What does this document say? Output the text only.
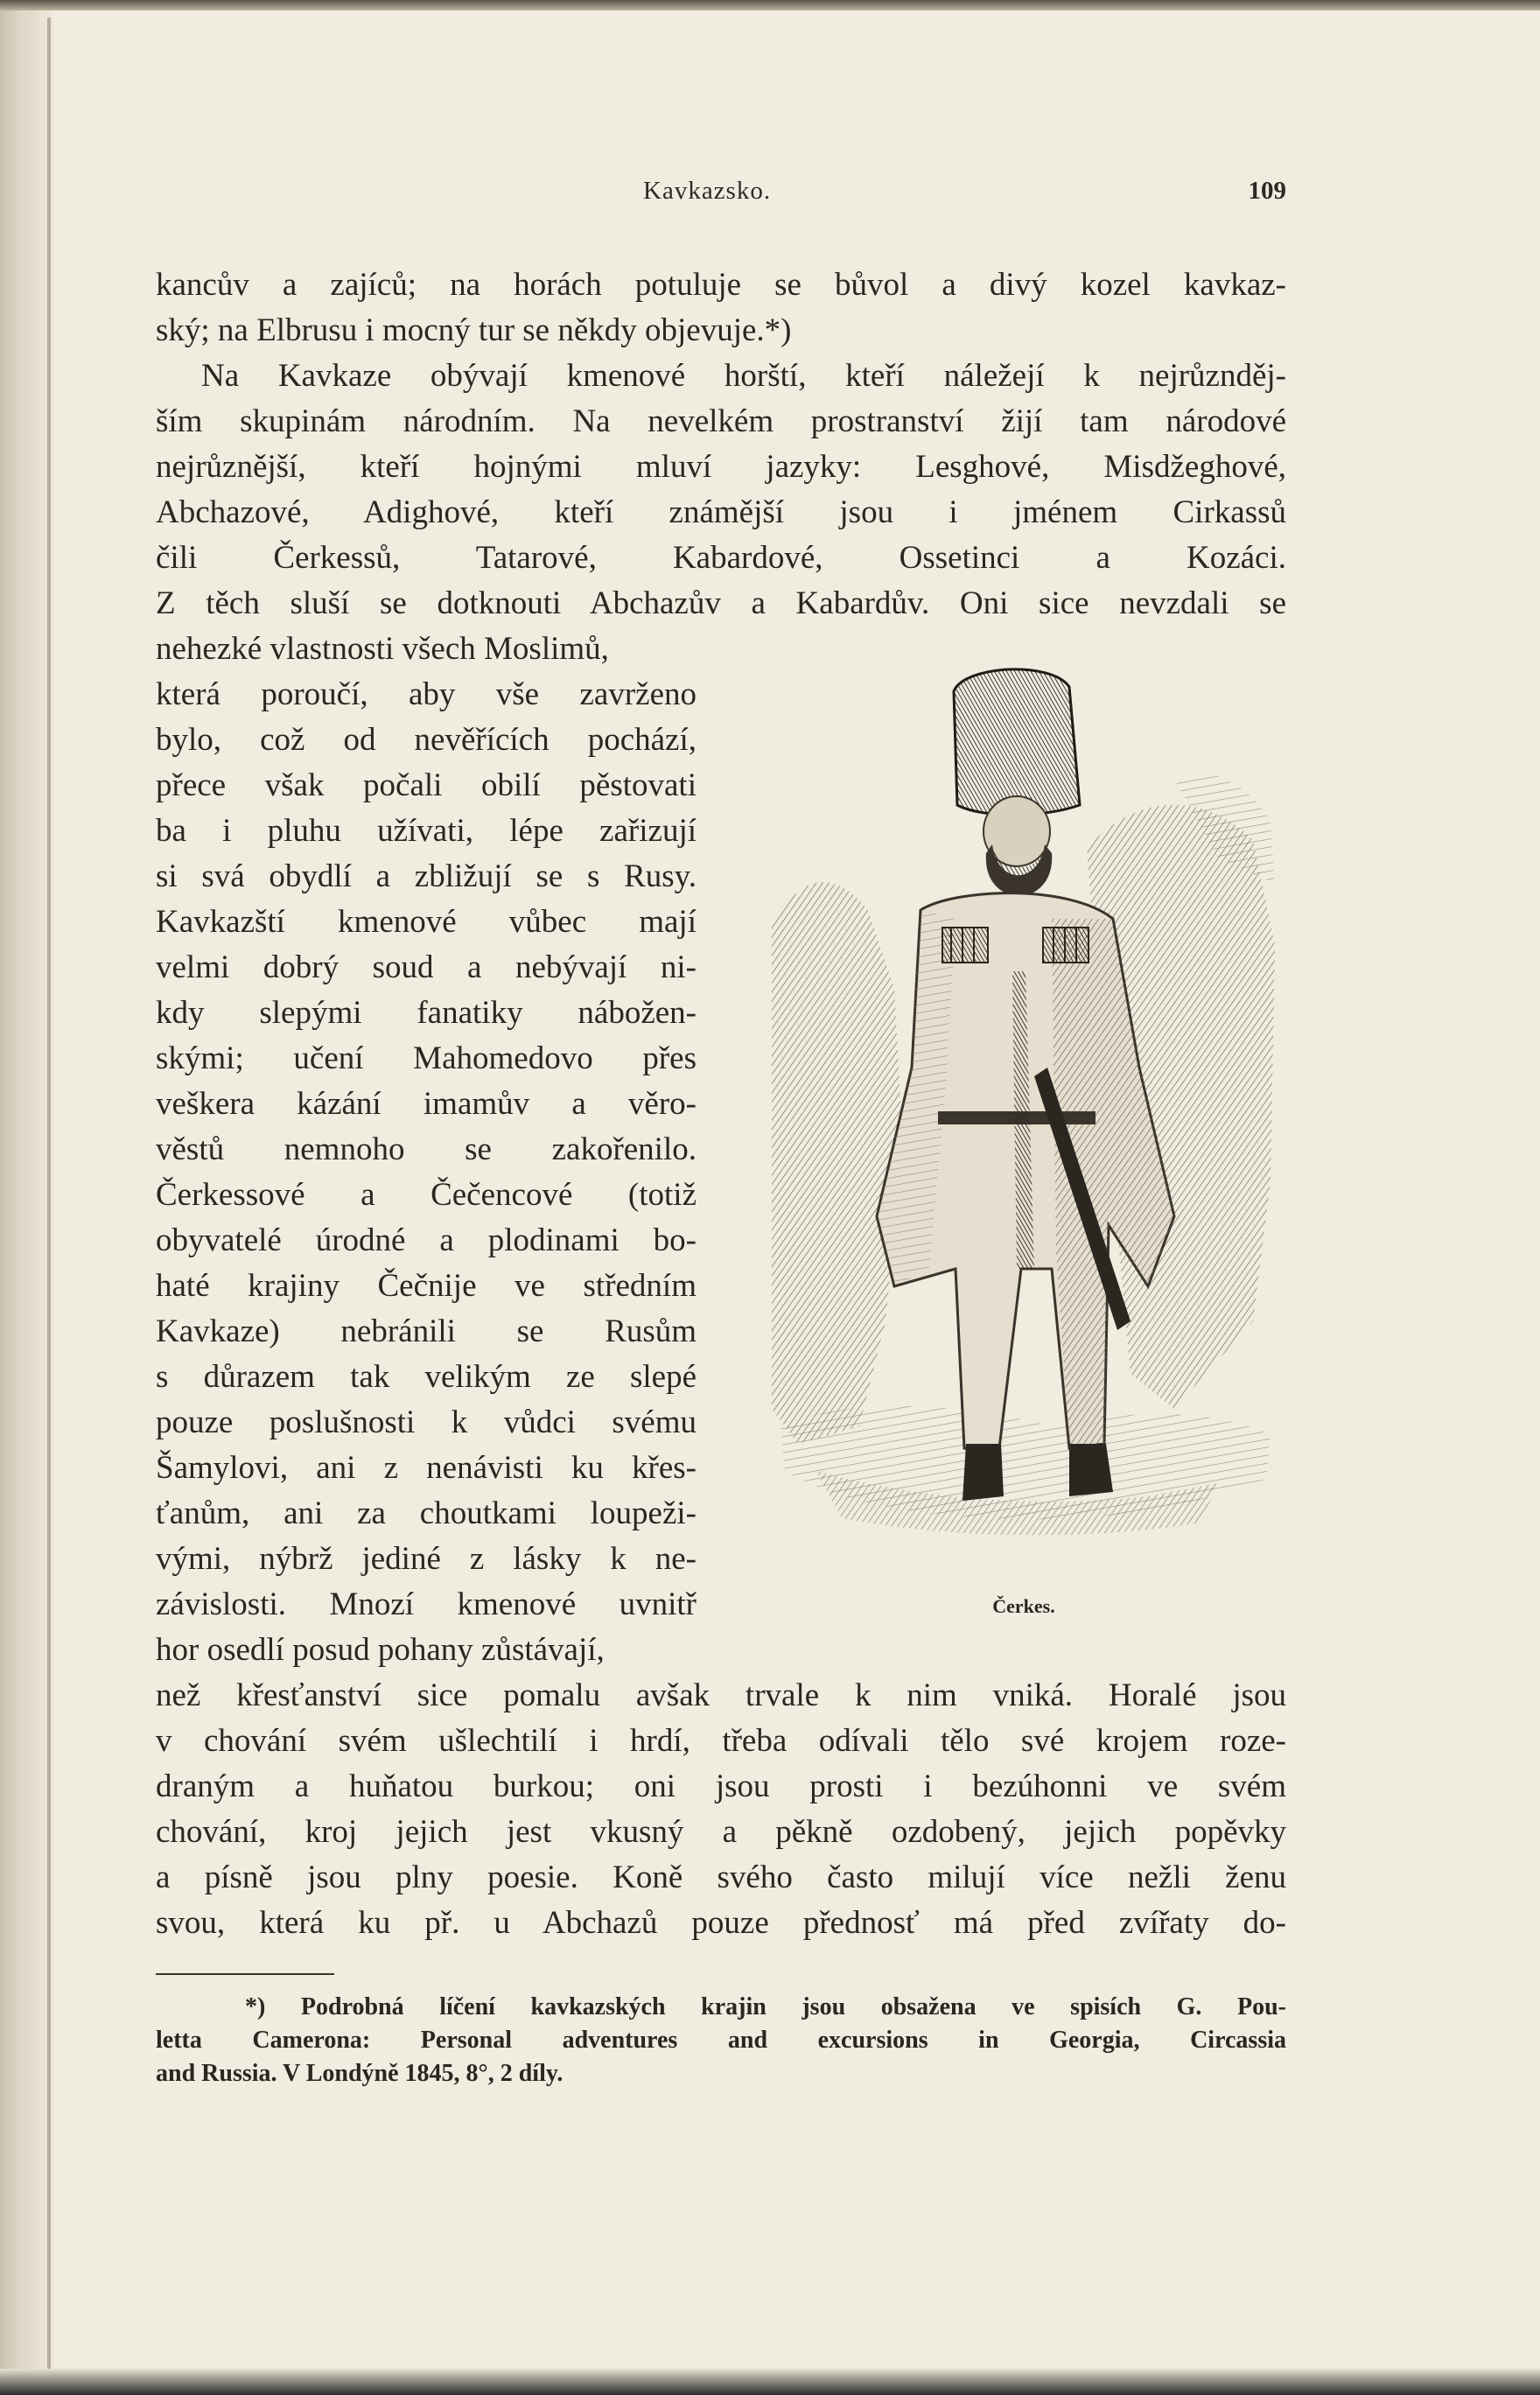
Kavkazsko.	109
kancův a zajíců; na horách potuluje se bůvol a divý kozel kavkaz-
ský; na Elbrusu i mocný tur se někdy objevuje.*)
Na Kavkaze obývají kmenové horští, kteří náležejí k nejrůznděj-
ším skupinám národním. Na nevelkém prostranství žijí tam národové
nejrůznější, kteří hojnými mluví jazyky: Lesghové, Misdžeghové,
Abchazové, Adighové, kteří známější jsou i jménem Cirkassů
čili Čerkessů, Tatarové, Kabardové, Ossetinci a Kozáci.
Z těch sluší se dotknouti Abchazův a Kabardův. Oni sice nevzdali se
nehezké vlastnosti všech Moslimů,
která poroučí, aby vše zavrženo
bylo, což od nevěřících pochází,
přece však počali obilí pěstovati
ba i pluhu užívati, lépe zařizují
si svá obydlí a zbližují se s Rusy.
Kavkazští kmenové vůbec mají
velmi dobrý soud a nebývají ni-
kdy slepými fanatiky nábožen-
skými; učení Mahomedovo přes
veškera kázání imamův a věro-
věstů nemnoho se zakořenilo.
Čerkessové a Čečencové (totiž
obyvatelé úrodné a plodinami bo-
haté krajiny Čečnije ve středním
Kavkaze) nebránili se Rusům
s důrazem tak velikým ze slepé
pouze poslušnosti k vůdci svému
Šamylovi, ani z nenávisti ku křes-
ťanům, ani za choutkami loupeži-
vými, nýbrž jediné z lásky k ne-
závislosti. Mnozí kmenové uvnitř
hor osedlí posud pohany zůstávají,
než křesťanství sice pomalu avšak trvale k nim vniká. Horalé jsou
v chování svém ušlechtilí i hrdí, třeba odívali tělo své krojem roze-
draným a huňatou burkou; oni jsou prosti i bezúhonni ve svém
chování, kroj jejich jest vkusný a pěkně ozdobený, jejich popěvky
a písně jsou plny poesie. Koně svého často milují více nežli ženu
svou, která ku př. u Abchazů pouze přednosť má před zvířaty do-
Čerkes.
*) Podrobná líčení kavkazských krajin jsou obsažena ve spisích G. Pou-
letta Camerona: Personal adventures and excursions in Georgia, Circassia
and Russia. V Londýně 1845, 8°, 2 díly.
